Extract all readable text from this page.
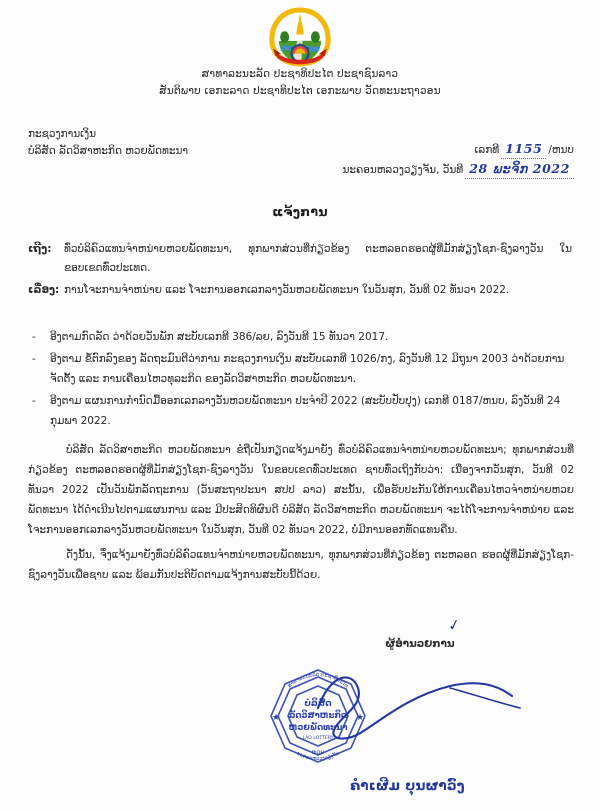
ສາທາລະນະລັດ ປະຊາທິປະໄຕ ປະຊາຊົນລາວ
ສັນຕິພາບ ເອກະລາດ ປະຊາທິປະໄຕ ເອກະພາບ ວັດທະນະຖາວອນ
ກະຊວງການເງິນ
ບໍລິສັດ ລັດວິສາຫະກິດ ຫວຍພັດທະນາ	ເລກທີ 1155 /ຫນບ
ນະຄອນຫລວງວຽງຈັນ, ວັນທີ 28 ພະຈິກ 2022
ແຈ້ງການ
ເຖີງ:	ທົ່ວບໍລິຄົວແທນຈຳຫນ່າຍຫວຍພັດທະນາ, ທຸກພາກສ່ວນທີ່ກ່ຽວຂ້ອງ ຕະຫລອດຮອດຜູ້ທີ່ມັກສ່ຽງໂຊກ-ຊົງລາງວັນ ໃນຂອບເຂດທົ່ວປະເທດ.
ເລື່ອງ: ການໂຈະການຈຳຫນ່າຍ ແລະ ໂຈະການອອກເລກລາງວັນຫວຍພັດທະນາ ໃນວັນສຸກ, ວັນທີ 02 ທັນວາ 2022.
-	ອີງຕາມກົດລັດ ວ່າດ້ວຍວັນພັກ ສະບັບເລກທີ 386/ລຍ, ລົງວັນທີ 15 ທັນວາ 2017.
-	ອີງຕາມ ຂໍ້ຕົກລົງຂອງ ລັດຖະມົນຕີວ່າການ ກະຊວງການເງິນ ສະບັບເລກທີ 1026/ກງ, ລົງວັນທີ 12 ມິຖຸນາ 2003 ວ່າດ້ວຍການຈັດຕັ້ງ ແລະ ການເຄື່ອນໄຫວທຸລະກິດ ຂອງລັດວິສາຫະກິດ ຫວຍພັດທະນາ.
-	ອີງຕາມ ແຜນການກຳນົດມື້ອອກເລກລາງວັນຫວຍພັດທະນາ ປະຈຳປີ 2022 (ສະບັບປັບປຸງ) ເລກທີ 0187/ຫນບ, ລົງວັນທີ 24 ກຸມພາ 2022.
ບໍລິສັດ ລັດວິສາຫະກິດ ຫວຍພັດທະນາ ຂໍຖືເປັນກຽດແຈ້ງມາຍັງ ທົ່ວບໍລິຄົວແທນຈຳຫນ່າຍຫວຍພັດທະນາ; ທຸກພາກສ່ວນທີ່ກ່ຽວຂ້ອງ ຕະຫລອດຮອດຜູ້ທີ່ມັກສ່ຽງໂຊກ-ຊົງລາງວັນ ໃນຂອບເຂດທົ່ວປະເທດ ຊາບທົ່ວເຖິງກັບວ່າ: ເນື່ອງຈາກວັນສຸກ, ວັນທີ 02 ທັນວາ 2022 ເປັນວັນພັກລັດຖະການ (ວັນສະຖາປະນາ ສປປ ລາວ) ສະນັ້ນ, ເພື່ອຮັບປະກັນໃຫ້ການເຄື່ອນໄຫວຈຳຫນ່າຍຫວຍພັດທະນາ ໄດ້ດຳເນີນໄປຕາມແຜນການ ແລະ ມີປະສິດທິຜົນດີ ບໍລິສັດ ລັດວິສາຫະກິດ ຫວຍພັດທະນາ ຈະໄດ້ໂຈະການຈຳຫນ່າຍ ແລະ ໂຈະການອອກເລກລາງວັນຫວຍພັດທະນາ ໃນວັນສຸກ, ວັນທີ 02 ທັນວາ 2022, ບໍ່ມີການອອກທັດແທນຄືນ.
ດັ່ງນັ້ນ, ຈຶ່ງແຈ້ງມາຍັງທົ່ວບໍລິຄົວແທນຈຳຫນ່າຍຫວຍພັດທະນາ, ທຸກພາກສ່ວນທີ່ກ່ຽວຂ້ອງ ຕະຫລອດ ຮອດຜູ້ທີ່ມັກສ່ຽງໂຊກ-ຊົງລາງວັນເພື່ອຊາບ ແລະ ພ້ອມກັນປະຕິບັດຕາມແຈ້ງການສະບັບນີ້ດ້ວຍ.
✓
ຜູ້ອຳນວຍການ
ສາທາລະນະລັດ ປະຊາທິປະໄຕ
ນະຄອນຫລວງວຽງຈັນ
ບໍລິສັດ
ລັດວິສາຫະກິດ
ຫວຍພັດທະນາ
LAO LOTTERY
ຫວຍ
★	★
ຄຳເຜີມ ບຸນຜາວົງ
